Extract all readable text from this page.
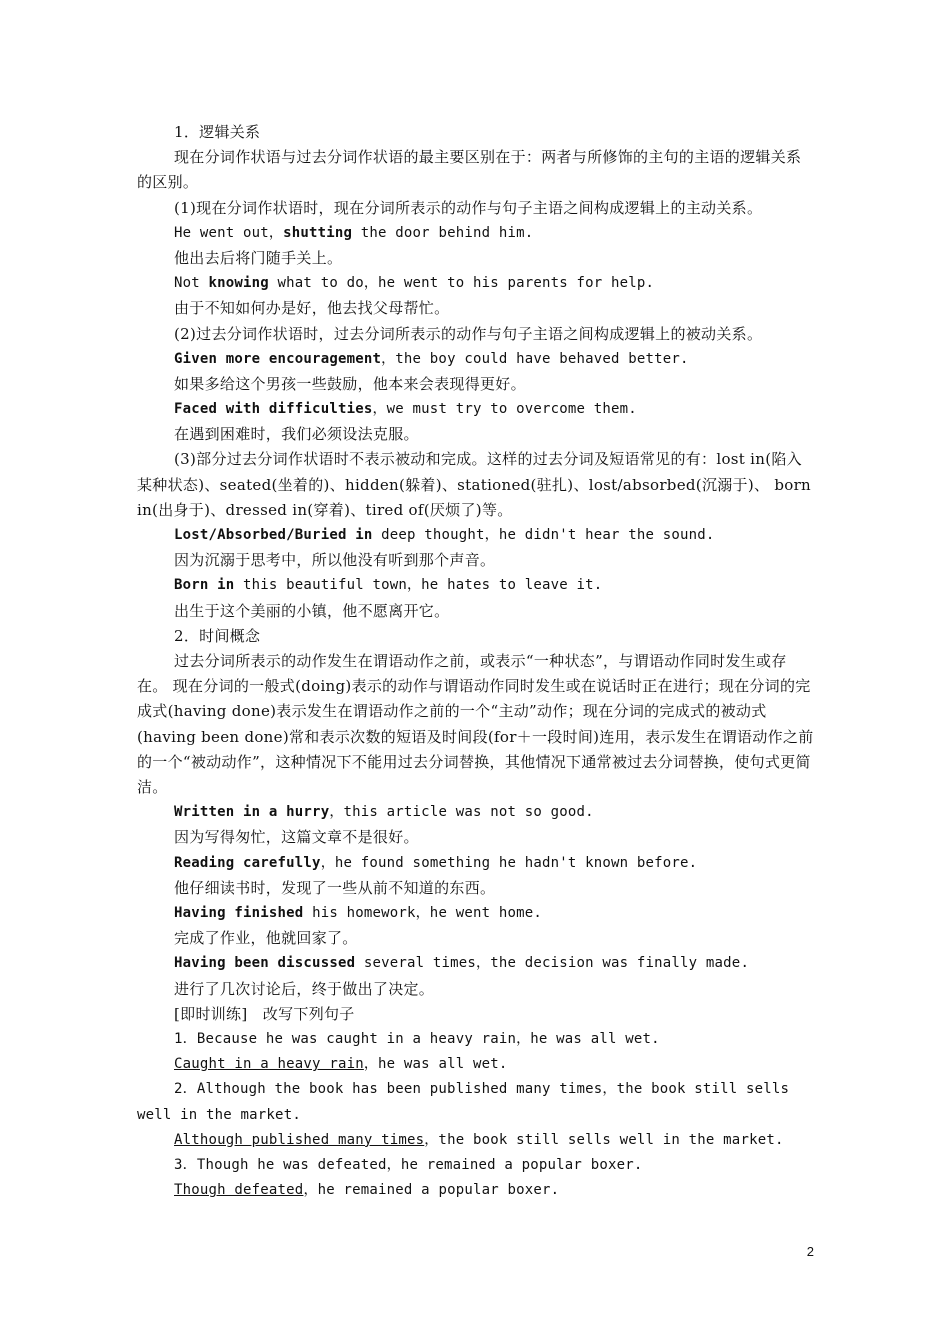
1．逻辑关系
现在分词作状语与过去分词作状语的最主要区别在于：两者与所修饰的主句的主语的逻辑关系的区别。
(1)现在分词作状语时，现在分词所表示的动作与句子主语之间构成逻辑上的主动关系。
He went out，shutting the door behind him.
他出去后将门随手关上。
Not knowing what to do，he went to his parents for help.
由于不知如何办是好，他去找父母帮忙。
(2)过去分词作状语时，过去分词所表示的动作与句子主语之间构成逻辑上的被动关系。
Given more encouragement，the boy could have behaved better.
如果多给这个男孩一些鼓励，他本来会表现得更好。
Faced with difficulties，we must try to overcome them.
在遇到困难时，我们必须设法克服。
(3)部分过去分词作状语时不表示被动和完成。这样的过去分词及短语常见的有：lost in(陷入某种状态)、seated(坐着的)、hidden(躲着)、stationed(驻扎)、lost/absorbed(沉溺于)、 born in(出身于)、dressed in(穿着)、tired of(厌烦了)等。
Lost/Absorbed/Buried in deep thought，he didn't hear the sound.
因为沉溺于思考中，所以他没有听到那个声音。
Born in this beautiful town，he hates to leave it.
出生于这个美丽的小镇，他不愿离开它。
2．时间概念
过去分词所表示的动作发生在谓语动作之前，或表示“一种状态”，与谓语动作同时发生或存在。 现在分词的一般式(doing)表示的动作与谓语动作同时发生或在说话时正在进行；现在分词的完成式(having done)表示发生在谓语动作之前的一个“主动”动作；现在分词的完成式的被动式(having been done)常和表示次数的短语及时间段(for＋一段时间)连用，表示发生在谓语动作之前的一个“被动动作”，这种情况下不能用过去分词替换，其他情况下通常被过去分词替换，使句式更简洁。
Written in a hurry，this article was not so good.
因为写得匆忙，这篇文章不是很好。
Reading carefully，he found something he hadn't known before.
他仔细读书时，发现了一些从前不知道的东西。
Having finished his homework，he went home.
完成了作业，他就回家了。
Having been discussed several times，the decision was finally made.
进行了几次讨论后，终于做出了决定。
[即时训练]　改写下列句子
1．Because he was caught in a heavy rain，he was all wet.
Caught in a heavy rain，he was all wet.
2．Although the book has been published many times，the book still sells well in the market.
Although published many times，the book still sells well in the market.
3．Though he was defeated，he remained a popular boxer.
Though defeated，he remained a popular boxer.
2
